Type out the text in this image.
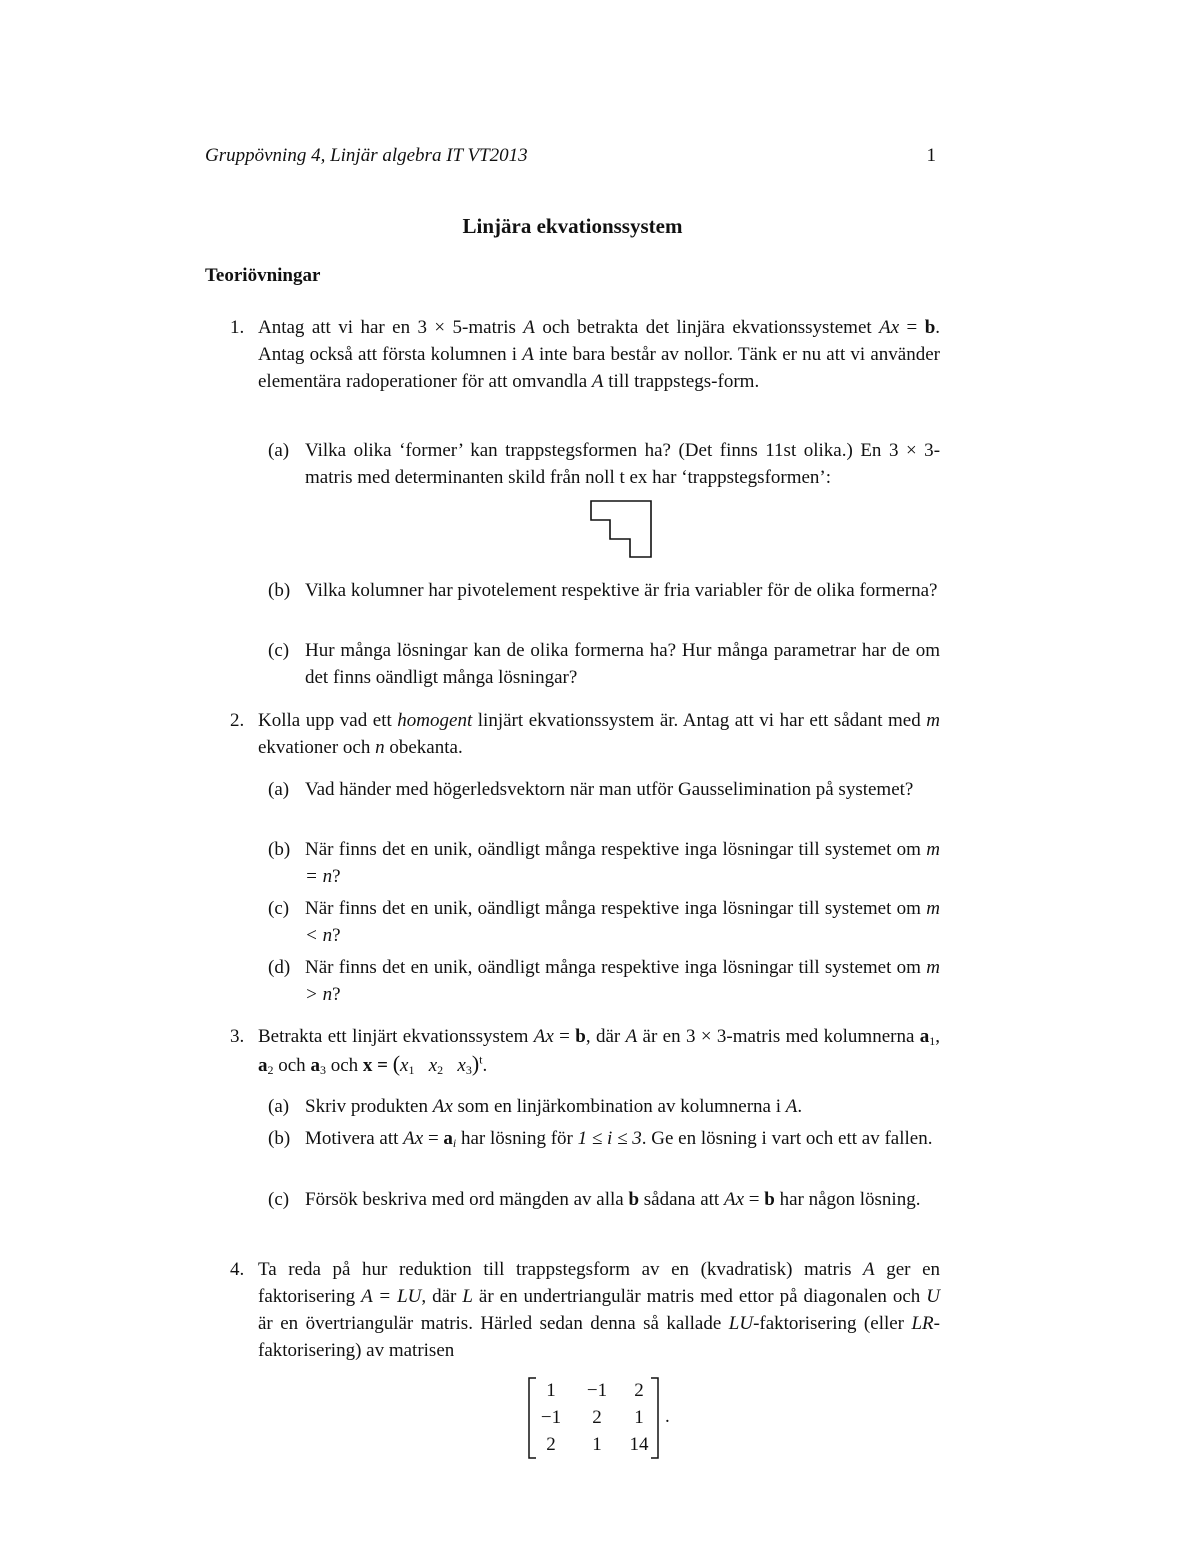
Gruppövning 4, Linjär algebra IT VT2013	1
Linjära ekvationssystem
Teoriövningar
1. Antag att vi har en 3 × 5-matris A och betrakta det linjära ekvationssystemet Ax = b. Antag också att första kolumnen i A inte bara består av nollor. Tänk er nu att vi använder elementära radoperationer för att omvandla A till trappstegs-form.
(a) Vilka olika ‘former’ kan trappstegsformen ha? (Det finns 11st olika.) En 3 × 3-matris med determinanten skild från noll t ex har ‘trappstegsformen’:
(b) Vilka kolumner har pivotelement respektive är fria variabler för de olika formerna?
(c) Hur många lösningar kan de olika formerna ha? Hur många parametrar har de om det finns oändligt många lösningar?
2. Kolla upp vad ett homogent linjärt ekvationssystem är. Antag att vi har ett sådant med m ekvationer och n obekanta.
(a) Vad händer med högerledsvektorn när man utför Gausselimination på systemet?
(b) När finns det en unik, oändligt många respektive inga lösningar till systemet om m = n?
(c) När finns det en unik, oändligt många respektive inga lösningar till systemet om m < n?
(d) När finns det en unik, oändligt många respektive inga lösningar till systemet om m > n?
3. Betrakta ett linjärt ekvationssystem Ax = b, där A är en 3 × 3-matris med kolumnerna $a_1$, $a_2$ och $a_3$ och $x = (x_1$ $x_2$ $x_3)^t$.
(a) Skriv produkten Ax som en linjärkombination av kolumnerna i A.
(b) Motivera att $Ax = a_i$ har lösning för 1 ≤ i ≤ 3. Ge en lösning i vart och ett av fallen.
(c) Försök beskriva med ord mängden av alla b sådana att Ax = b har någon lösning.
4. Ta reda på hur reduktion till trappstegsform av en (kvadratisk) matris A ger en faktorisering A = LU, där L är en undertriangulär matris med ettor på diagonalen och U är en övertriangulär matris. Härled sedan denna så kallade LU-faktorisering (eller LR-faktorisering) av matrisen
1	−1	2
−1	2	1
2	1	14
.
